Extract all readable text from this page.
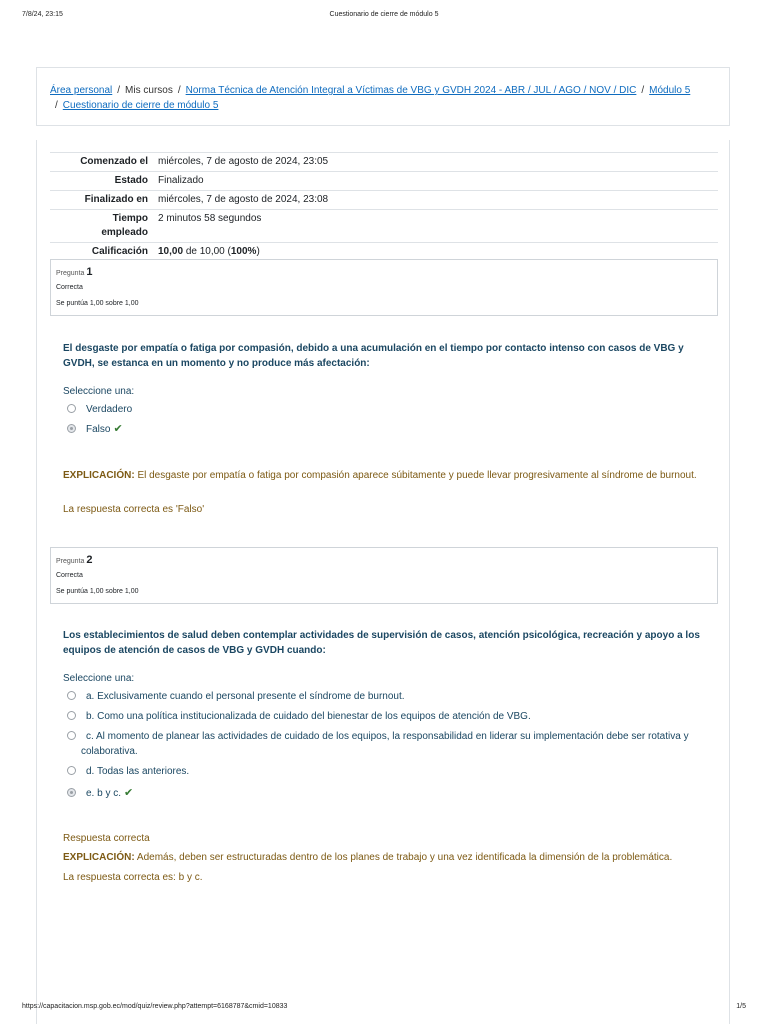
7/8/24, 23:15	Cuestionario de cierre de módulo 5
Área personal / Mis cursos / Norma Técnica de Atención Integral a Víctimas de VBG y GVDH 2024 - ABR / JUL / AGO / NOV / DIC / Módulo 5
/ Cuestionario de cierre de módulo 5
Comenzado el	miércoles, 7 de agosto de 2024, 23:05
Estado	Finalizado
Finalizado en	miércoles, 7 de agosto de 2024, 23:08
Tiempo
empleado	2 minutos 58 segundos
Calificación	10,00 de 10,00 (100%)
Pregunta 1
Correcta
Se puntúa 1,00 sobre 1,00
El desgaste por empatía o fatiga por compasión, debido a una acumulación en el tiempo por contacto intenso con casos de VBG y GVDH, se estanca en un momento y no produce más afectación:
Seleccione una:
Verdadero
Falso ✔
EXPLICACIÓN: El desgaste por empatía o fatiga por compasión aparece súbitamente y puede llevar progresivamente al síndrome de burnout.
La respuesta correcta es 'Falso'
Pregunta 2
Correcta
Se puntúa 1,00 sobre 1,00
Los establecimientos de salud deben contemplar actividades de supervisión de casos, atención psicológica, recreación y apoyo a los equipos de atención de casos de VBG y GVDH cuando:
Seleccione una:
a. Exclusivamente cuando el personal presente el síndrome de burnout.
b. Como una política institucionalizada de cuidado del bienestar de los equipos de atención de VBG.
c. Al momento de planear las actividades de cuidado de los equipos, la responsabilidad en liderar su implementación debe ser rotativa y colaborativa.
d. Todas las anteriores.
e. b y c. ✔
Respuesta correcta
EXPLICACIÓN: Además, deben ser estructuradas dentro de los planes de trabajo y una vez identificada la dimensión de la problemática.
La respuesta correcta es: b y c.
https://capacitacion.msp.gob.ec/mod/quiz/review.php?attempt=6168787&cmid=10833	1/5
